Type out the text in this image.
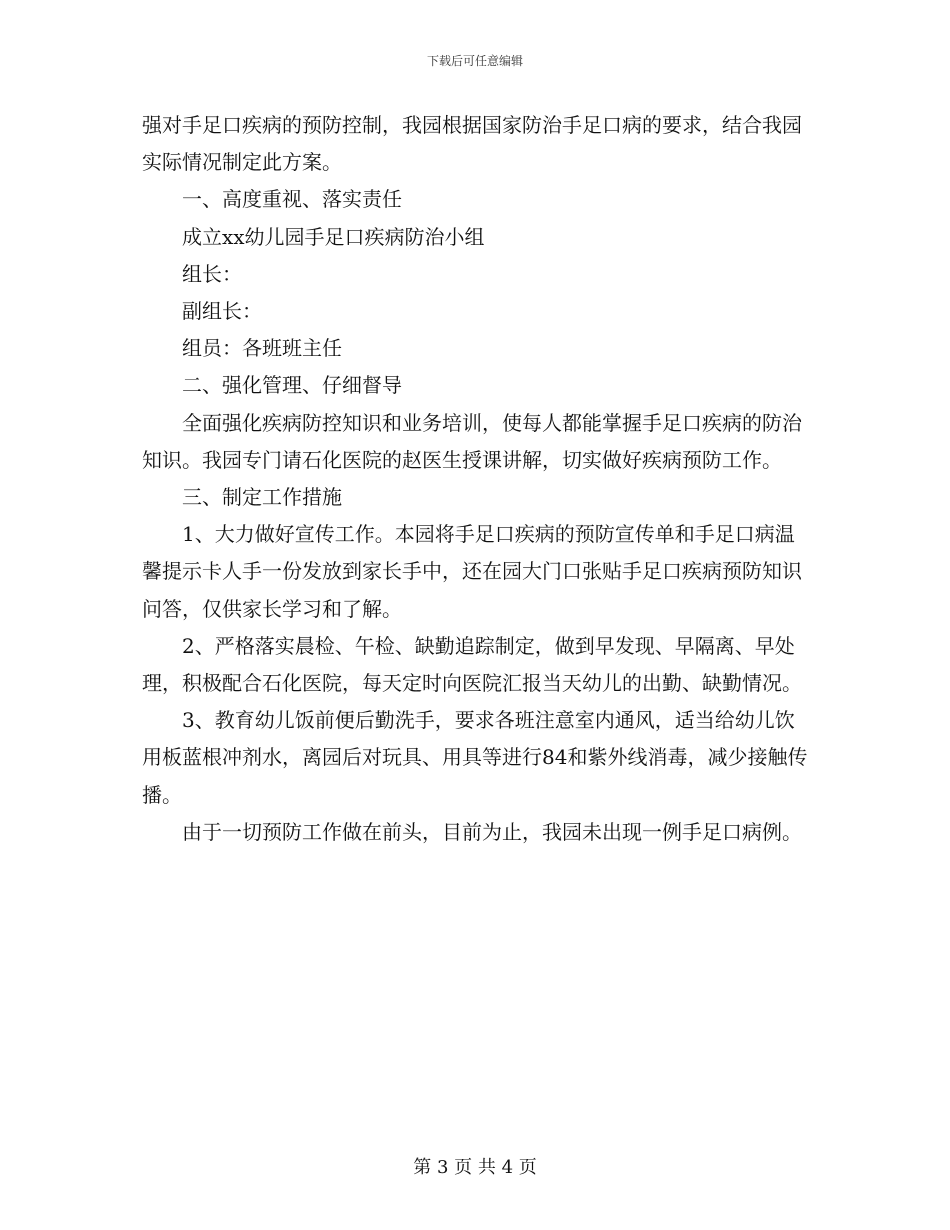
下载后可任意编辑

强对手足口疾病的预防控制，我园根据国家防治手足口病的要求，结合我园实际情况制定此方案。

一、高度重视、落实责任

成立xx幼儿园手足口疾病防治小组

组长：

副组长：

组员：各班班主任

二、强化管理、仔细督导

全面强化疾病防控知识和业务培训，使每人都能掌握手足口疾病的防治知识。我园专门请石化医院的赵医生授课讲解，切实做好疾病预防工作。

三、制定工作措施

1、大力做好宣传工作。本园将手足口疾病的预防宣传单和手足口病温馨提示卡人手一份发放到家长手中，还在园大门口张贴手足口疾病预防知识问答，仅供家长学习和了解。

2、严格落实晨检、午检、缺勤追踪制定，做到早发现、早隔离、早处理，积极配合石化医院，每天定时向医院汇报当天幼儿的出勤、缺勤情况。

3、教育幼儿饭前便后勤洗手，要求各班注意室内通风，适当给幼儿饮用板蓝根冲剂水，离园后对玩具、用具等进行84和紫外线消毒，减少接触传播。

由于一切预防工作做在前头，目前为止，我园未出现一例手足口病例。

第 3 页 共 4 页
